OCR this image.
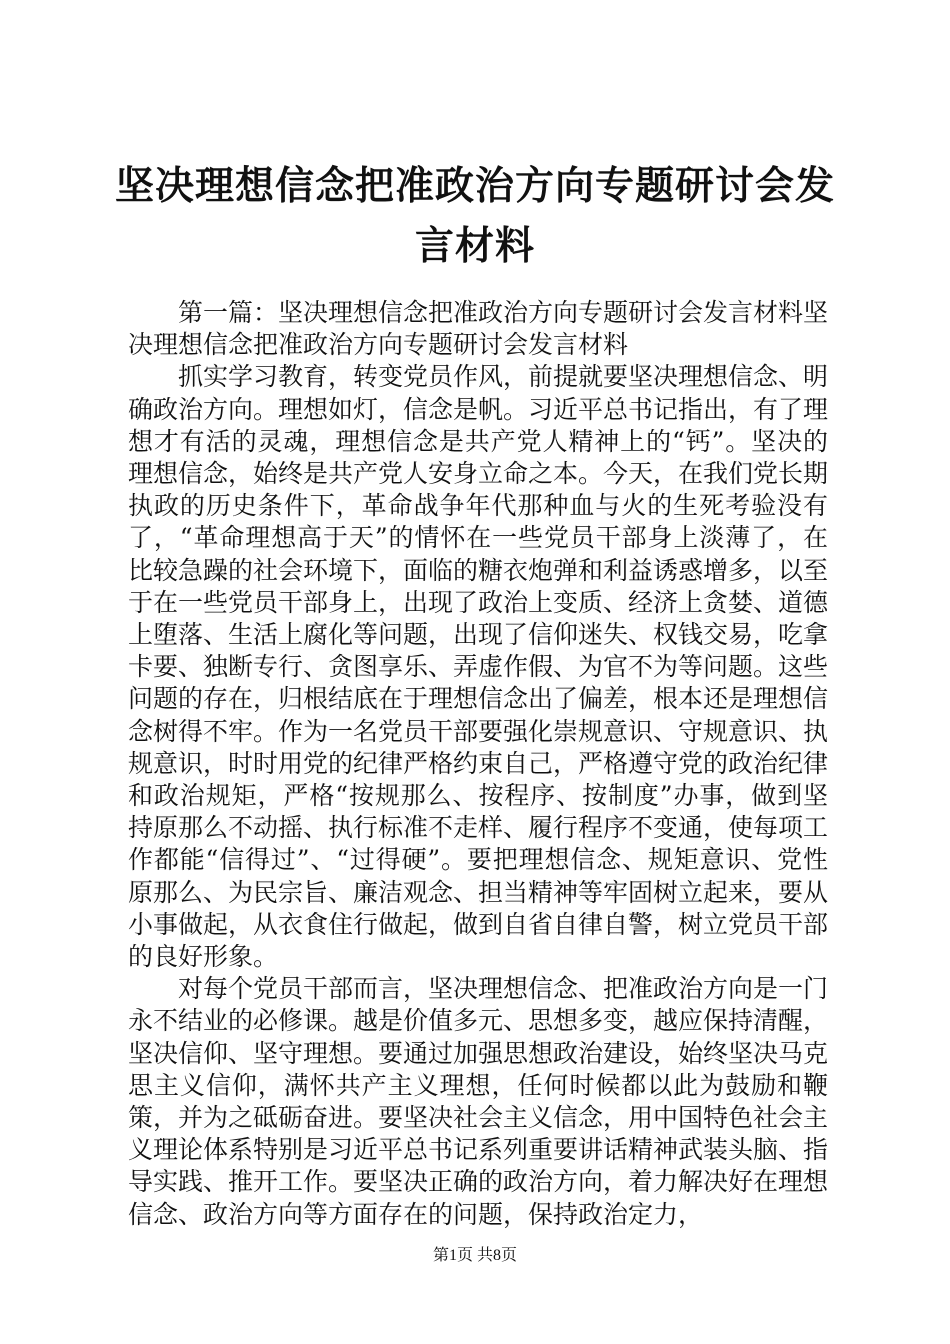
坚决理想信念把准政治方向专题研讨会发言材料

第一篇：坚决理想信念把准政治方向专题研讨会发言材料坚决理想信念把准政治方向专题研讨会发言材料

抓实学习教育，转变党员作风，前提就要坚决理想信念、明确政治方向。理想如灯，信念是帆。习近平总书记指出，有了理想才有活的灵魂，理想信念是共产党人精神上的“钙”。坚决的理想信念，始终是共产党人安身立命之本。今天，在我们党长期执政的历史条件下，革命战争年代那种血与火的生死考验没有了，“革命理想高于天”的情怀在一些党员干部身上淡薄了，在比较急躁的社会环境下，面临的糖衣炮弹和利益诱惑增多，以至于在一些党员干部身上，出现了政治上变质、经济上贪婪、道德上堕落、生活上腐化等问题，出现了信仰迷失、权钱交易，吃拿卡要、独断专行、贪图享乐、弄虚作假、为官不为等问题。这些问题的存在，归根结底在于理想信念出了偏差，根本还是理想信念树得不牢。作为一名党员干部要强化崇规意识、守规意识、执规意识，时时用党的纪律严格约束自己，严格遵守党的政治纪律和政治规矩，严格“按规那么、按程序、按制度”办事，做到坚持原那么不动摇、执行标准不走样、履行程序不变通，使每项工作都能“信得过”、“过得硬”。要把理想信念、规矩意识、党性原那么、为民宗旨、廉洁观念、担当精神等牢固树立起来，要从小事做起，从衣食住行做起，做到自省自律自警，树立党员干部的良好形象。

对每个党员干部而言，坚决理想信念、把准政治方向是一门永不结业的必修课。越是价值多元、思想多变，越应保持清醒，坚决信仰、坚守理想。要通过加强思想政治建设，始终坚决马克思主义信仰，满怀共产主义理想，任何时候都以此为鼓励和鞭策，并为之砥砺奋进。要坚决社会主义信念，用中国特色社会主义理论体系特别是习近平总书记系列重要讲话精神武装头脑、指导实践、推开工作。要坚决正确的政治方向，着力解决好在理想信念、政治方向等方面存在的问题，保持政治定力，

第1页 共8页
